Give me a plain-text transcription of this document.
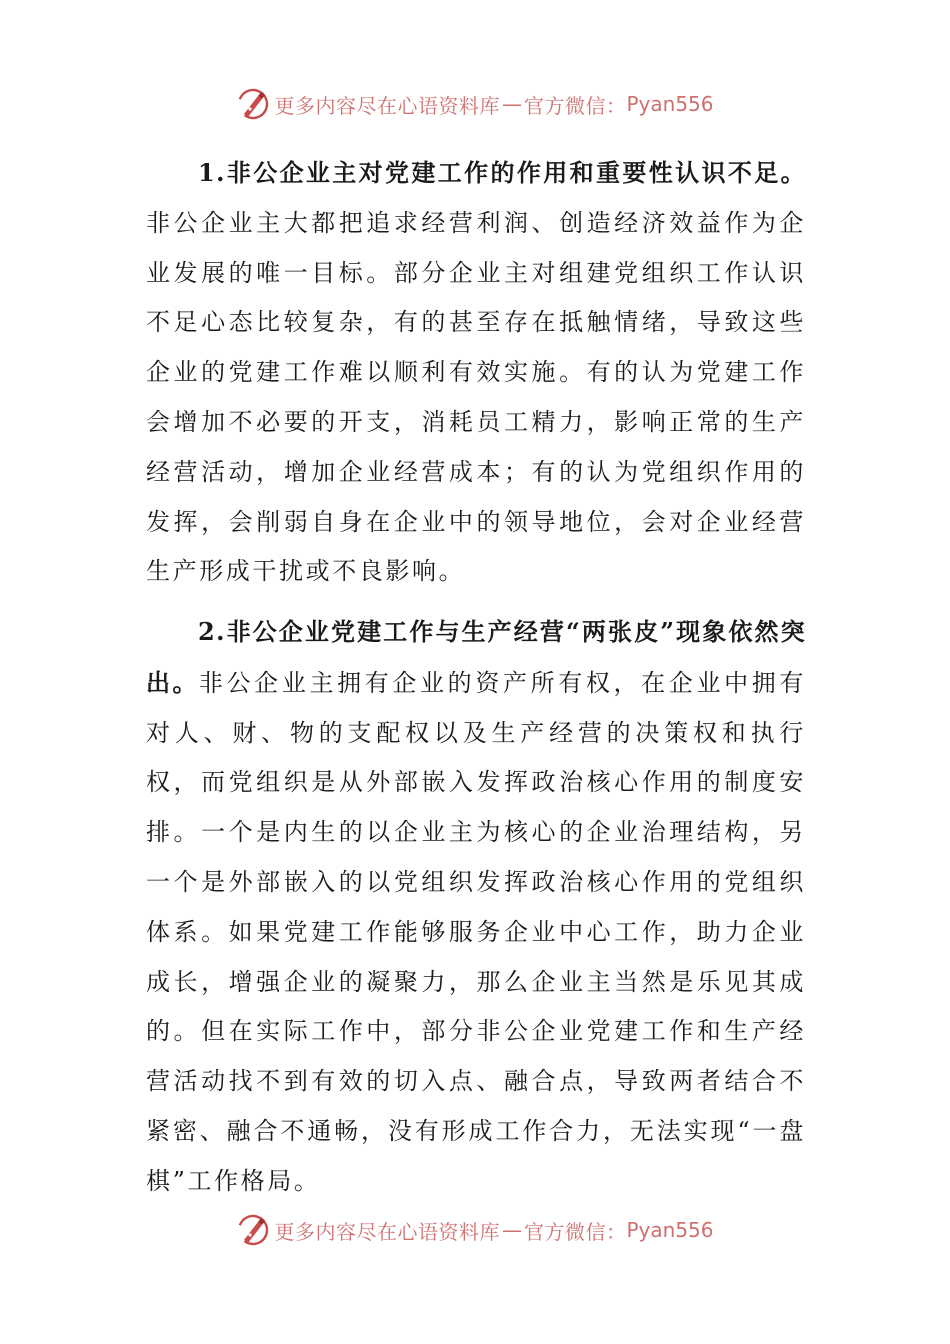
更多内容尽在心语资料库 — 官方微信： Pyan556
1.非公企业主对党建工作的作用和重要性认识不足。非公企业主大都把追求经营利润、创造经济效益作为企业发展的唯一目标。部分企业主对组建党组织工作认识不足心态比较复杂，有的甚至存在抵触情绪，导致这些企业的党建工作难以顺利有效实施。有的认为党建工作会增加不必要的开支，消耗员工精力，影响正常的生产经营活动，增加企业经营成本；有的认为党组织作用的发挥，会削弱自身在企业中的领导地位，会对企业经营生产形成干扰或不良影响。
2.非公企业党建工作与生产经营“两张皮”现象依然突出。非公企业主拥有企业的资产所有权，在企业中拥有对人、财、物的支配权以及生产经营的决策权和执行权，而党组织是从外部嵌入发挥政治核心作用的制度安排。一个是内生的以企业主为核心的企业治理结构，另一个是外部嵌入的以党组织发挥政治核心作用的党组织体系。如果党建工作能够服务企业中心工作，助力企业成长，增强企业的凝聚力，那么企业主当然是乐见其成的。但在实际工作中，部分非公企业党建工作和生产经营活动找不到有效的切入点、融合点，导致两者结合不紧密、融合不通畅，没有形成工作合力，无法实现“一盘棋”工作格局。
更多内容尽在心语资料库 — 官方微信： Pyan556
